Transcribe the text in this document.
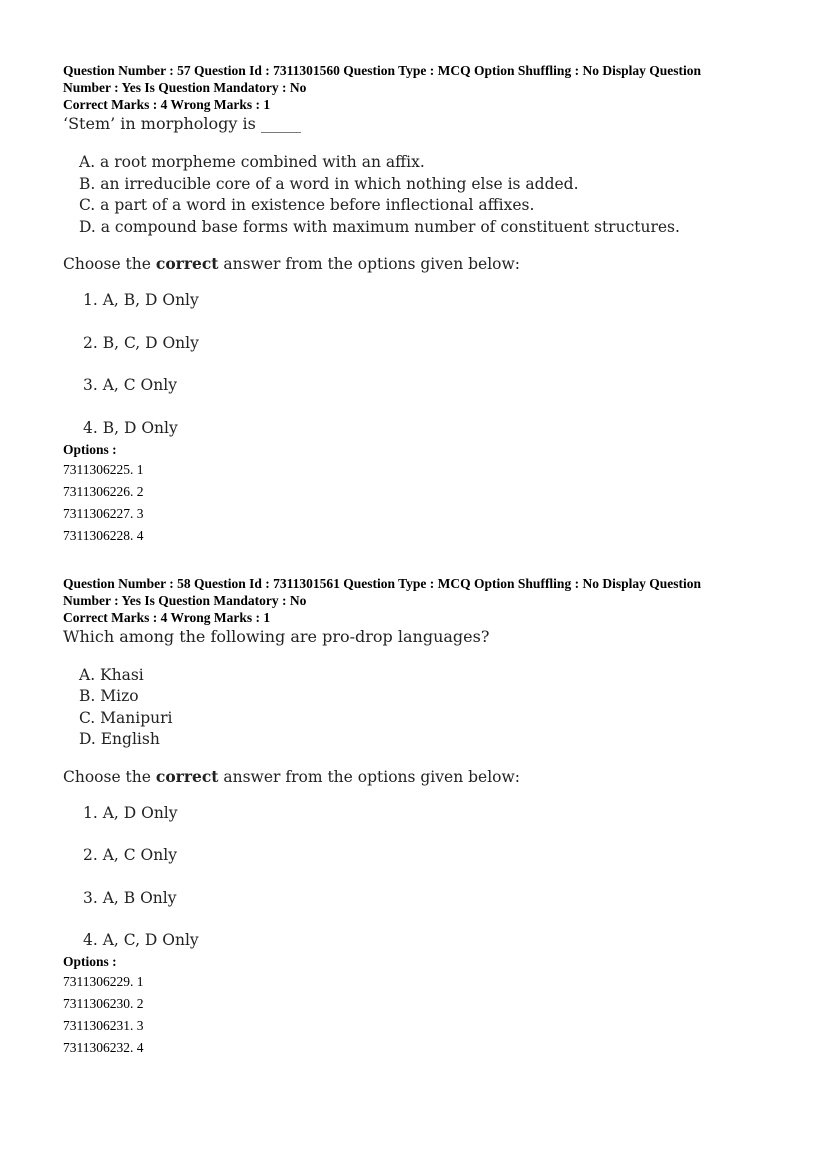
Question Number : 57 Question Id : 7311301560 Question Type : MCQ Option Shuffling : No Display Question
Number : Yes Is Question Mandatory : No
Correct Marks : 4 Wrong Marks : 1
‘Stem’ in morphology is _____
A. a root morpheme combined with an affix.
B. an irreducible core of a word in which nothing else is added.
C. a part of a word in existence before inflectional affixes.
D. a compound base forms with maximum number of constituent structures.
Choose the correct answer from the options given below:
1. A, B, D Only
2. B, C, D Only
3. A, C Only
4. B, D Only
Options :
7311306225. 1
7311306226. 2
7311306227. 3
7311306228. 4
Question Number : 58 Question Id : 7311301561 Question Type : MCQ Option Shuffling : No Display Question
Number : Yes Is Question Mandatory : No
Correct Marks : 4 Wrong Marks : 1
Which among the following are pro-drop languages?
A. Khasi
B. Mizo
C. Manipuri
D. English
Choose the correct answer from the options given below:
1. A, D Only
2. A, C Only
3. A, B Only
4. A, C, D Only
Options :
7311306229. 1
7311306230. 2
7311306231. 3
7311306232. 4
